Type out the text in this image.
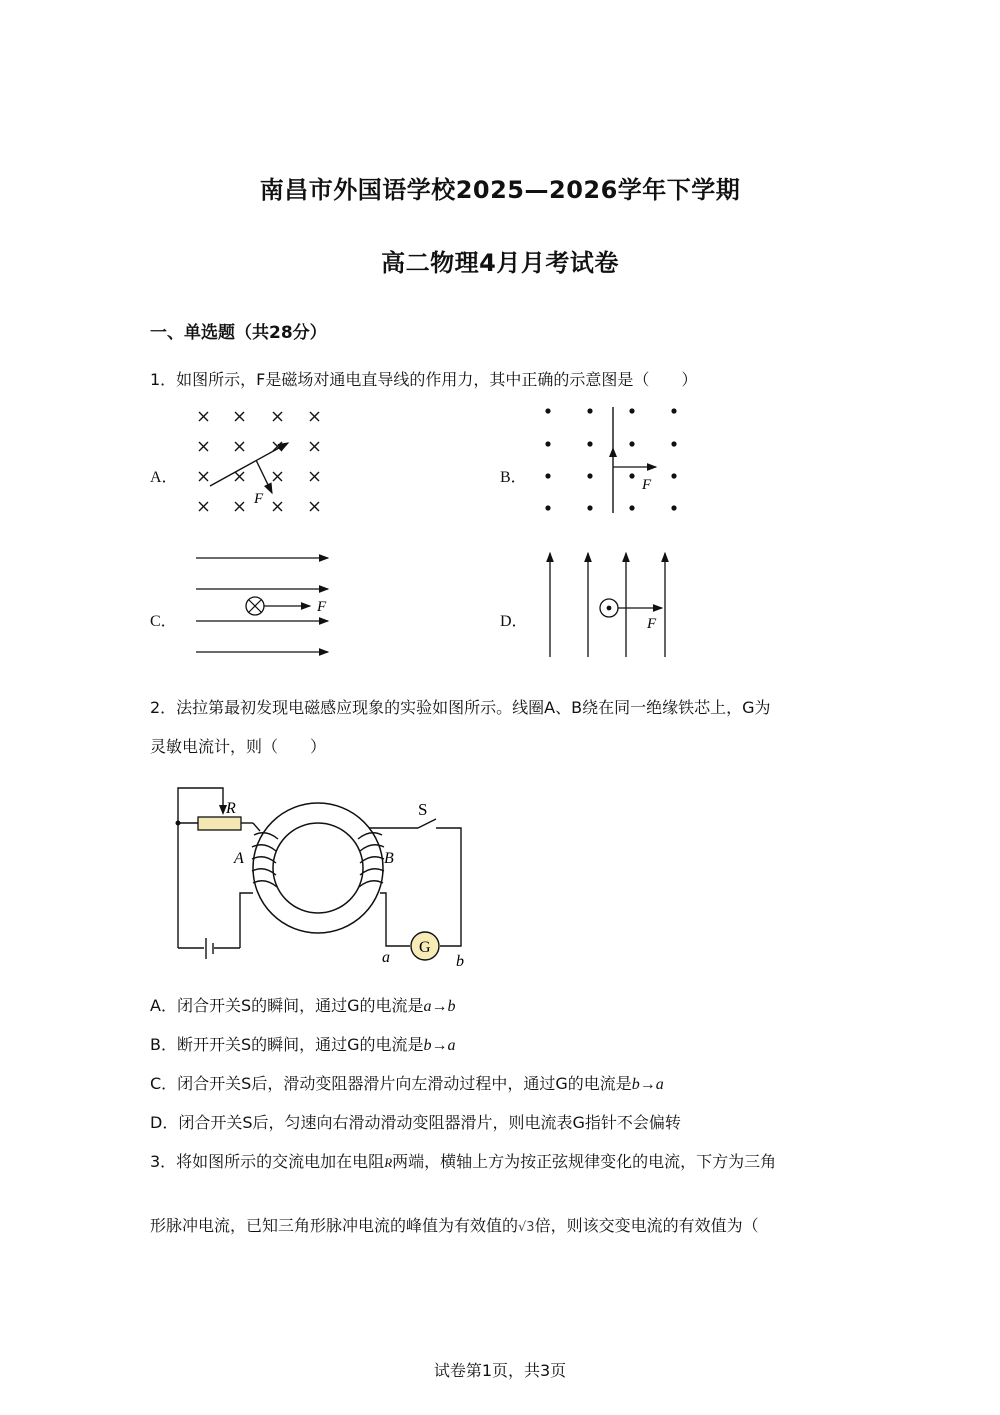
南昌市外国语学校2025—2026学年下学期
高二物理4月月考试卷
一、单选题（共28分）
1．如图所示，F是磁场对通电直导线的作用力，其中正确的示意图是（　　）
A．	B．
C．	D．
F
F
F
F
2．法拉第最初发现电磁感应现象的实验如图所示。线圈A、B绕在同一绝缘铁芯上，G为
灵敏电流计，则（　　）
R	S
A	B
G
a	b
A．闭合开关S的瞬间，通过G的电流是a→b
B．断开开关S的瞬间，通过G的电流是b→a
C．闭合开关S后，滑动变阻器滑片向左滑动过程中，通过G的电流是b→a
D．闭合开关S后，匀速向右滑动滑动变阻器滑片，则电流表G指针不会偏转
3．将如图所示的交流电加在电阻R两端，横轴上方为按正弦规律变化的电流，下方为三角
形脉冲电流，已知三角形脉冲电流的峰值为有效值的√3倍，则该交变电流的有效值为（
试卷第1页，共3页
